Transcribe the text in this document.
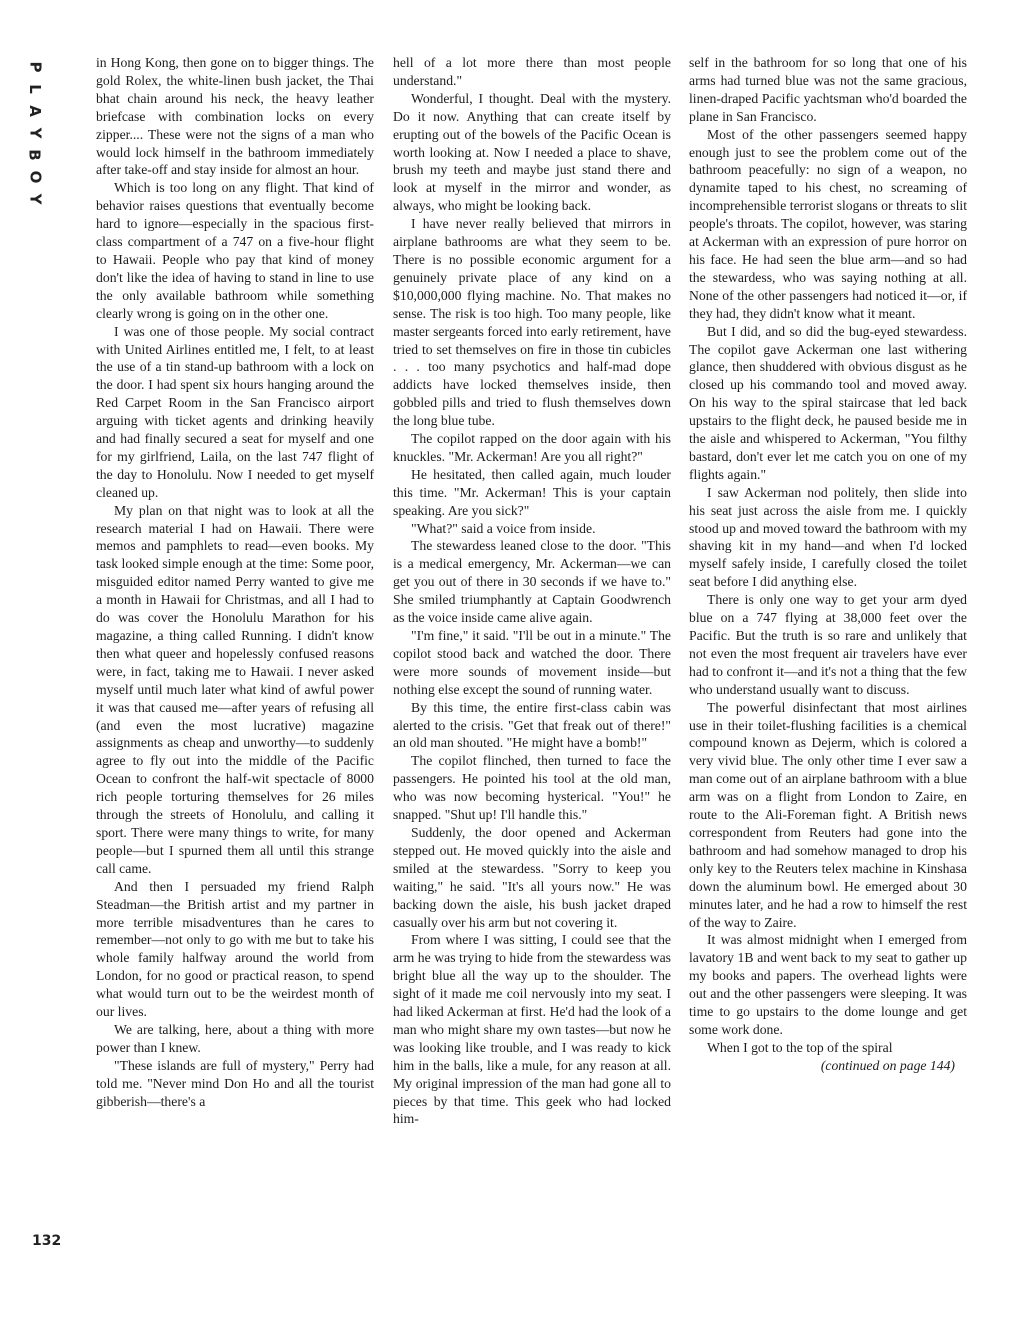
P
L
A
Y
B
O
Y
132

in Hong Kong, then gone on to bigger things. The gold Rolex, the white-linen bush jacket, the Thai bhat chain around his neck, the heavy leather briefcase with combination locks on every zipper.... These were not the signs of a man who would lock himself in the bathroom immediately after take-off and stay inside for almost an hour.

Which is too long on any flight. That kind of behavior raises questions that eventually become hard to ignore—especially in the spacious first-class compartment of a 747 on a five-hour flight to Hawaii. People who pay that kind of money don't like the idea of having to stand in line to use the only available bathroom while something clearly wrong is going on in the other one.

I was one of those people. My social contract with United Airlines entitled me, I felt, to at least the use of a tin stand-up bathroom with a lock on the door. I had spent six hours hanging around the Red Carpet Room in the San Francisco airport arguing with ticket agents and drinking heavily and had finally secured a seat for myself and one for my girlfriend, Laila, on the last 747 flight of the day to Honolulu. Now I needed to get myself cleaned up.

My plan on that night was to look at all the research material I had on Hawaii. There were memos and pamphlets to read—even books. My task looked simple enough at the time: Some poor, misguided editor named Perry wanted to give me a month in Hawaii for Christmas, and all I had to do was cover the Honolulu Marathon for his magazine, a thing called Running. I didn't know then what queer and hopelessly confused reasons were, in fact, taking me to Hawaii. I never asked myself until much later what kind of awful power it was that caused me—after years of refusing all (and even the most lucrative) magazine assignments as cheap and unworthy—to suddenly agree to fly out into the middle of the Pacific Ocean to confront the half-wit spectacle of 8000 rich people torturing themselves for 26 miles through the streets of Honolulu, and calling it sport. There were many things to write, for many people—but I spurned them all until this strange call came.

And then I persuaded my friend Ralph Steadman—the British artist and my partner in more terrible misadventures than he cares to remember—not only to go with me but to take his whole family halfway around the world from London, for no good or practical reason, to spend what would turn out to be the weirdest month of our lives.

We are talking, here, about a thing with more power than I knew.

"These islands are full of mystery," Perry had told me. "Never mind Don Ho and all the tourist gibberish—there's a

hell of a lot more there than most people understand."

Wonderful, I thought. Deal with the mystery. Do it now. Anything that can create itself by erupting out of the bowels of the Pacific Ocean is worth looking at. Now I needed a place to shave, brush my teeth and maybe just stand there and look at myself in the mirror and wonder, as always, who might be looking back.

I have never really believed that mirrors in airplane bathrooms are what they seem to be. There is no possible economic argument for a genuinely private place of any kind on a $10,000,000 flying machine. No. That makes no sense. The risk is too high. Too many people, like master sergeants forced into early retirement, have tried to set themselves on fire in those tin cubicles . . . too many psychotics and half-mad dope addicts have locked themselves inside, then gobbled pills and tried to flush themselves down the long blue tube.

The copilot rapped on the door again with his knuckles. "Mr. Ackerman! Are you all right?"

He hesitated, then called again, much louder this time. "Mr. Ackerman! This is your captain speaking. Are you sick?"

"What?" said a voice from inside.

The stewardess leaned close to the door. "This is a medical emergency, Mr. Ackerman—we can get you out of there in 30 seconds if we have to." She smiled triumphantly at Captain Goodwrench as the voice inside came alive again.

"I'm fine," it said. "I'll be out in a minute." The copilot stood back and watched the door. There were more sounds of movement inside—but nothing else except the sound of running water.

By this time, the entire first-class cabin was alerted to the crisis. "Get that freak out of there!" an old man shouted. "He might have a bomb!"

The copilot flinched, then turned to face the passengers. He pointed his tool at the old man, who was now becoming hysterical. "You!" he snapped. "Shut up! I'll handle this."

Suddenly, the door opened and Ackerman stepped out. He moved quickly into the aisle and smiled at the stewardess. "Sorry to keep you waiting," he said. "It's all yours now." He was backing down the aisle, his bush jacket draped casually over his arm but not covering it.

From where I was sitting, I could see that the arm he was trying to hide from the stewardess was bright blue all the way up to the shoulder. The sight of it made me coil nervously into my seat. I had liked Ackerman at first. He'd had the look of a man who might share my own tastes—but now he was looking like trouble, and I was ready to kick him in the balls, like a mule, for any reason at all. My original impression of the man had gone all to pieces by that time. This geek who had locked him-

self in the bathroom for so long that one of his arms had turned blue was not the same gracious, linen-draped Pacific yachtsman who'd boarded the plane in San Francisco.

Most of the other passengers seemed happy enough just to see the problem come out of the bathroom peacefully: no sign of a weapon, no dynamite taped to his chest, no screaming of incomprehensible terrorist slogans or threats to slit people's throats. The copilot, however, was staring at Ackerman with an expression of pure horror on his face. He had seen the blue arm—and so had the stewardess, who was saying nothing at all. None of the other passengers had noticed it—or, if they had, they didn't know what it meant.

But I did, and so did the bug-eyed stewardess. The copilot gave Ackerman one last withering glance, then shuddered with obvious disgust as he closed up his commando tool and moved away. On his way to the spiral staircase that led back upstairs to the flight deck, he paused beside me in the aisle and whispered to Ackerman, "You filthy bastard, don't ever let me catch you on one of my flights again."

I saw Ackerman nod politely, then slide into his seat just across the aisle from me. I quickly stood up and moved toward the bathroom with my shaving kit in my hand—and when I'd locked myself safely inside, I carefully closed the toilet seat before I did anything else.

There is only one way to get your arm dyed blue on a 747 flying at 38,000 feet over the Pacific. But the truth is so rare and unlikely that not even the most frequent air travelers have ever had to confront it—and it's not a thing that the few who understand usually want to discuss.

The powerful disinfectant that most airlines use in their toilet-flushing facilities is a chemical compound known as Dejerm, which is colored a very vivid blue. The only other time I ever saw a man come out of an airplane bathroom with a blue arm was on a flight from London to Zaire, en route to the Ali-Foreman fight. A British news correspondent from Reuters had gone into the bathroom and had somehow managed to drop his only key to the Reuters telex machine in Kinshasa down the aluminum bowl. He emerged about 30 minutes later, and he had a row to himself the rest of the way to Zaire.

It was almost midnight when I emerged from lavatory 1B and went back to my seat to gather up my books and papers. The overhead lights were out and the other passengers were sleeping. It was time to go upstairs to the dome lounge and get some work done.

When I got to the top of the spiral

(continued on page 144)
